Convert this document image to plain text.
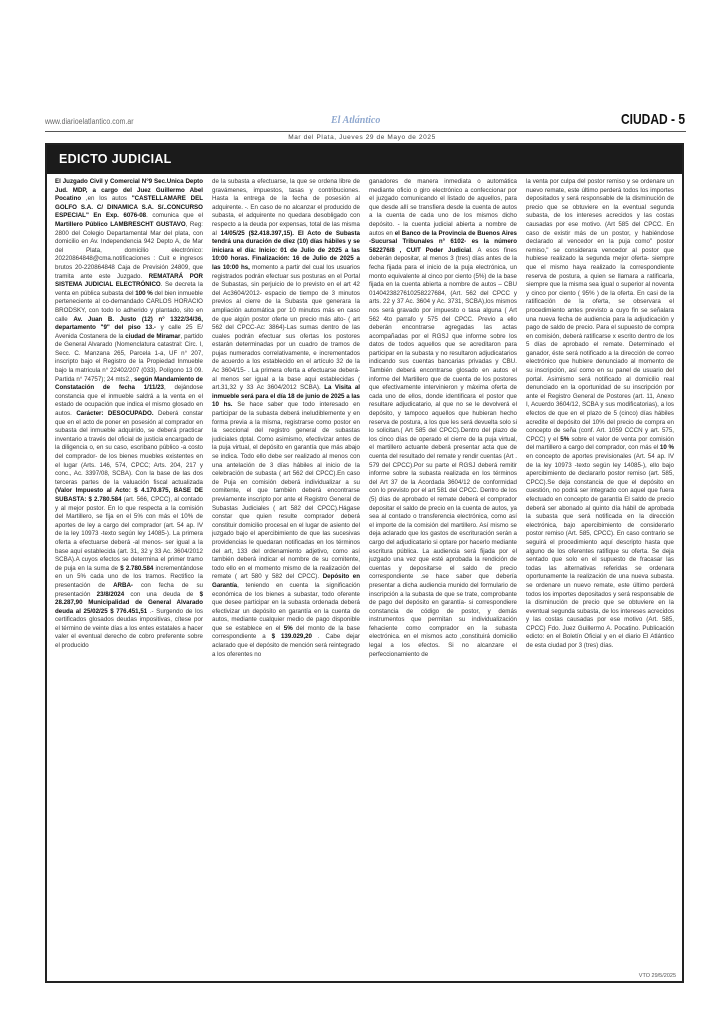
www.diarioelatlantico.com.ar	El Atlántico	CIUDAD - 5
Mar del Plata, Jueves 29 de Mayo de 2025
EDICTO JUDICIAL

El Juzgado Civil y Comercial N°9 Sec.Unica Depto Jud. MDP, a cargo del Juez Guillermo Abel Pocatino ,en los autos "CASTELLAMARE DEL GOLFO S.A. C/ DINAMICA S.A. S/..CONCURSO ESPECIAL" En Exp. 6076-08. comunica que el Martillero Público LAMBRESCHT GUSTAVO, Reg: 2800 del Colegio Departamental Mar del plata, con domicilio en Av. Independencia 942 Depto A, de Mar del Plata, domicilio electrónico: 20220864848@cma.notificaciones : Cuit e ingresos brutos 20-220864848 Caja de Previsión 24809, que tramita ante este Juzgado. REMATARÁ POR SISTEMA JUDICIAL ELECTRÓNICO. Se decreta la venta en pública subasta del 100 % del bien inmueble perteneciente al co-demandado CARLOS HORACIO BRODSKY, con todo lo adherido y plantado, sito en calle Av. Juan B. Justo (12) n° 1322/34/36, departamento "9" del piso 13.- y calle 25 E/ Avenida Costanera de la ciudad de Miramar, partido de General Alvarado (Nomenclatura catastral: Circ. I, Secc. C. Manzana 265, Parcela 1-a, UF n° 207, inscripto bajo el Registro de la Propiedad Inmueble bajo la matricula n° 22402/207 (033). Polígono 13 09. Partida n° 74757); 24 mts2., según Mandamiento de Constatación de fecha 1/11/23, dejándose constancia que el inmueble saldrá a la venta en el estado de ocupación que indica el mismo glosado en autos. Carácter: DESOCUPADO. Deberá constar que en el acto de poner en posesión al comprador en subasta del inmueble adquirido, se deberá practicar inventario a través del oficial de justicia encargado de la diligencia o, en su caso, escribano público -a costo del comprador- de los bienes muebles existentes en el lugar (Arts. 146, 574, CPCC; Arts. 204, 217 y conc., Ac. 3397/08, SCBA). Con la base de las dos terceras partes de la valuación fiscal actualizada (Valor Impuesto al Acto: $ 4.170.875, BASE DE SUBASTA: $ 2.780.584 (art. 566, CPCC), al contado y al mejor postor. En lo que respecta a la comisión del Martillero, se fija en el 5% con más el 10% de aportes de ley a cargo del comprador (art. 54 ap. IV de la ley 10973 -texto según ley 14085-). La primera oferta a efectuarse deberá -al menos- ser igual a la base aquí establecida (art. 31, 32 y 33 Ac. 3604/2012 SCBA).A cuyos efectos se determina el primer tramo de puja en la suma de $ 2.780.584 incrementándose en un 5% cada uno de los tramos. Rectifico la presentación de ARBA- con fecha de su presentación 23/8/2024 con una deuda de $ 28.287,90 Municipalidad de General Alvarado deuda al 25/02/25 $ 776.451,51 .- Surgendo de los certificados glosados deudas impositivas, cítese por el término de veinte días a los entes estatales a hacer valer el eventual derecho de cobro preferente sobre el producido

de la subasta a efectuarse, la que se ordena libre de gravámenes, impuestos, tasas y contribuciones. Hasta la entrega de la fecha de posesión al adquirente. -. En caso de no alcanzar el producido de subasta, el adquirente no quedara desobligado con respecto a la deuda por expensas, total de las misma al 14/05/25 ($2.418.397,15). El Acto de Subasta tendrá una duración de diez (10) días hábiles y se iniciara el día: Inicio: 01 de Julio de 2025 a las 10:00 horas. Finalización: 16 de Julio de 2025 a las 10:00 hs, momento a partir del cual los usuarios registrados podrán efectuar sus posturas en el Portal de Subastas, sin perjuicio de lo previsto en el art 42 del Ac3604/2012- espacio de tiempo de 3 minutos previos al cierre de la Subasta que generara la ampliación automática por 10 minutos más en caso de que algún postor oferte un precio más alto- ( art 562 del CPCC-Ac: 3864)-Las sumas dentro de las cuales podrán efectuar sus ofertas los postores estarán determinadas por un cuadro de tramos de pujas numerados correlativamente, e incrementados de acuerdo a los establecido en el artículo 32 de la Ac 3604/15- . La primera oferta a efectuarse deberá- al menos ser igual a la base aqui establecidas ( art.31,32 y 33 Ac 3604/2012 SCBA). La Visita al inmueble será para el día 18 de junio de 2025 a las 10 hs. Se hace saber que todo interesado en participar de la subasta deberá ineludiblemente y en forma previa a la misma, registrarse como postor en la seccional del registro general de subastas judiciales dptal. Como asimismo, efectivizar antes de la puja virtual, el depósito en garantía que más abajo se indica. Todo ello debe ser realizado al menos con una antelación de 3 días hábiles al inicio de la celebración de subasta ( art 562 del CPCC).En caso de Puja en comisión deberá individualizar a su comitente, el que también deberá encontrarse previamente inscripto por ante el Registro General de Subastas Judiciales ( art 582 del CPCC).Hágase constar que quien resulte comprador deberá constituir domicilio procesal en el lugar de asiento del juzgado bajo el apercibimiento de que las sucesivas providencias le quedaran notificadas en los términos del art, 133 del ordenamiento adjetivo, como así también deberá indicar el nombre de su comitente, todo ello en el momento mismo de la realización del remate ( art 580 y 582 del CPCC). Depósito en Garantía, teniendo en cuenta la significación económica de los bienes a subastar, todo oferente que desee participar en la subasta ordenada deberá efectivizar un depósito en garantía en la cuenta de autos, mediante cualquier medio de pago disponible que se establece en el 5% del monto de la base correspondiente a $ 139.029,20 . Cabe dejar aclarado que el depósito de mención será reintegrado a los oferentes no

ganadores de manera inmediata o automática mediante oficio o giro electrónico a confeccionar por el juzgado comunicando el listado de aquellos, para que desde allí se transfiera desde la cuenta de autos a la cuenta de cada uno de los mismos dicho depósito. - la cuenta judicial abierta a nombre de autos en el Banco de la Provincia de Buenos Aires -Sucursal Tribunales n° 6102- es la número 582276/8 , CUIT Poder Judicial. A esos fines deberán depositar, al menos 3 (tres) días antes de la fecha fijada para el inicio de la puja electrónica, un monto equivalente al cinco por ciento (5%) de la base fijada en la cuenta abierta a nombre de autos – CBU 0140423827610258227684, (Art. 562 del CPCC y arts. 22 y 37 Ac. 3604 y Ac. 3731, SCBA),los mismos nos será gravado por impuesto o tasa alguna ( Art 562 4to parrafo y 575 del CPCC. Previo a ello deberán encontrarse agregadas las actas acompañadas por el RGSJ que informe sobre los datos de todos aquellos que se acreditaron para participar en la subasta y no resultaron adjudicatarios indicando sus cuentas bancarias privadas y CBU. También deberá encontrarse glosado en autos el informe del Martillero que de cuenta de los postores que efectivamente intervinieron y máxima oferta de cada uno de ellos, donde identificara el postor que resultare adjudicatario, al que no se le devolverá el depósito, y tampoco aquellos que hubieran hecho reserva de postura, a los que les será devuelta solo si lo solicitan.( Art 585 del CPCC).Dentro del plazo de los cinco días de operado el cierre de la puja virtual, el martillero actuante deberá presentar acta que de cuenta del resultado del remate y rendir cuentas (Art . 579 del CPCC).Por su parte el RGSJ deberá remitir informe sobre la subasta realizada en los términos del Art 37 de la Acordada 3604/12 de conformidad con lo previsto por el art 581 del CPCC. Dentro de los (5) días de aprobado el remate deberá el comprador depositar el saldo de precio en la cuenta de autos, ya sea al contado o transferencia electrónica, como así el importe de la comisión del martillero. Así mismo se deja aclarado que los gastos de escrituración serán a cargo del adjudicatario si optare por hacerlo mediante escritura pública. La audiencia será fijada por el juzgado una vez que esté aprobada la rendición de cuentas y depositarse el saldo de precio correspondiente .se hace saber que debería presentar a dicha audiencia munido del formulario de inscripción a la subasta de que se trate, comprobante de pago del depósito en garantía- si correspondiere constancia de código de postor, y demás instrumentos que permitan su individualización fehaciente como comprador en la subasta electrónica. en el mismos acto ,constituirá domicilio legal a los efectos. Si no alcanzare el perfeccionamiento de

la venta por culpa del postor remiso y se ordenare un nuevo remate, este último perderá todos los importes depositados y será responsable de la disminución de precio que se obtuviere en la eventual segunda subasta, de los intereses acrecidos y las costas causadas por ese motivo. (Art 585 del CPCC. En caso de existir más de un postor, y habiéndose declarado al vencedor en la puja como" postor remiso," se considerara vencedor al postor que hubiese realizado la segunda mejor oferta- siempre que el mismo haya realizado la correspondiente reserva de postura, a quien se llamara a ratificarla, siempre que la misma sea igual o superior al noventa y cinco por ciento ( 95% ) de la oferta. En casi de la ratificación de la oferta, se observara el procedimiento antes previsto a cuyo fin se señalara una nueva fecha de audiencia para la adjudicación y pago de saldo de precio. Para el supuesto de compra en comisión, deberá ratificarse x escrito dentro de los 5 días de aprobado el remate. Determinado el ganador, éste será notificado a la dirección de correo electrónico que hubiere denunciado al momento de su inscripción, así como en su panel de usuario del portal. Asimismo será notificado al domicilio real denunciado en la oportunidad de su inscripción por ante el Registro General de Postores (art. 11, Anexo I, Acuerdo 3604/12, SCBA y sus modificatorias), a los efectos de que en el plazo de 5 (cinco) días hábiles acredite el depósito del 10% del precio de compra en concepto de seña (conf. Art. 1059 CCCN y art. 575, CPCC) y el 5% sobre el valor de venta por comisión del martillero a cargo del comprador, con más el 10 % en concepto de aportes previsionales (Art. 54 ap. IV de la ley 10973 -texto según ley 14085-), ello bajo apercibimiento de declararlo postor remiso (art. 585, CPCC).Se deja constancia de que el depósito en cuestión, no podrá ser integrado con aquel que fuera efectuado en concepto de garantía El saldo de precio deberá ser abonado al quinto día hábil de aprobada la subasta que será notificada en la dirección electrónica, bajo apercibimiento de considerarlo postor remiso (Art. 585, CPCC). En caso contrario se seguirá el procedimiento aquí descripto hasta que alguno de los oferentes ratifique su oferta. Se deja sentado que solo en el supuesto de fracasar las todas las alternativas referidas se ordenara oportunamente la realización de una nueva subasta. se ordenare un nuevo remate, este último perderá todos los importes depositados y será responsable de la disminución de precio que se obtuviere en la eventual segunda subasta, de los intereses acrecidos y las costas causadas por ese motivo (Art. 585, CPCC) Fdo. Juez Guillermo A. Pocatino. Publicación edicto: en el Boletín Oficial y en el diario El Atlántico de esta ciudad por 3 (tres) días.

VTO 29/5/2025
